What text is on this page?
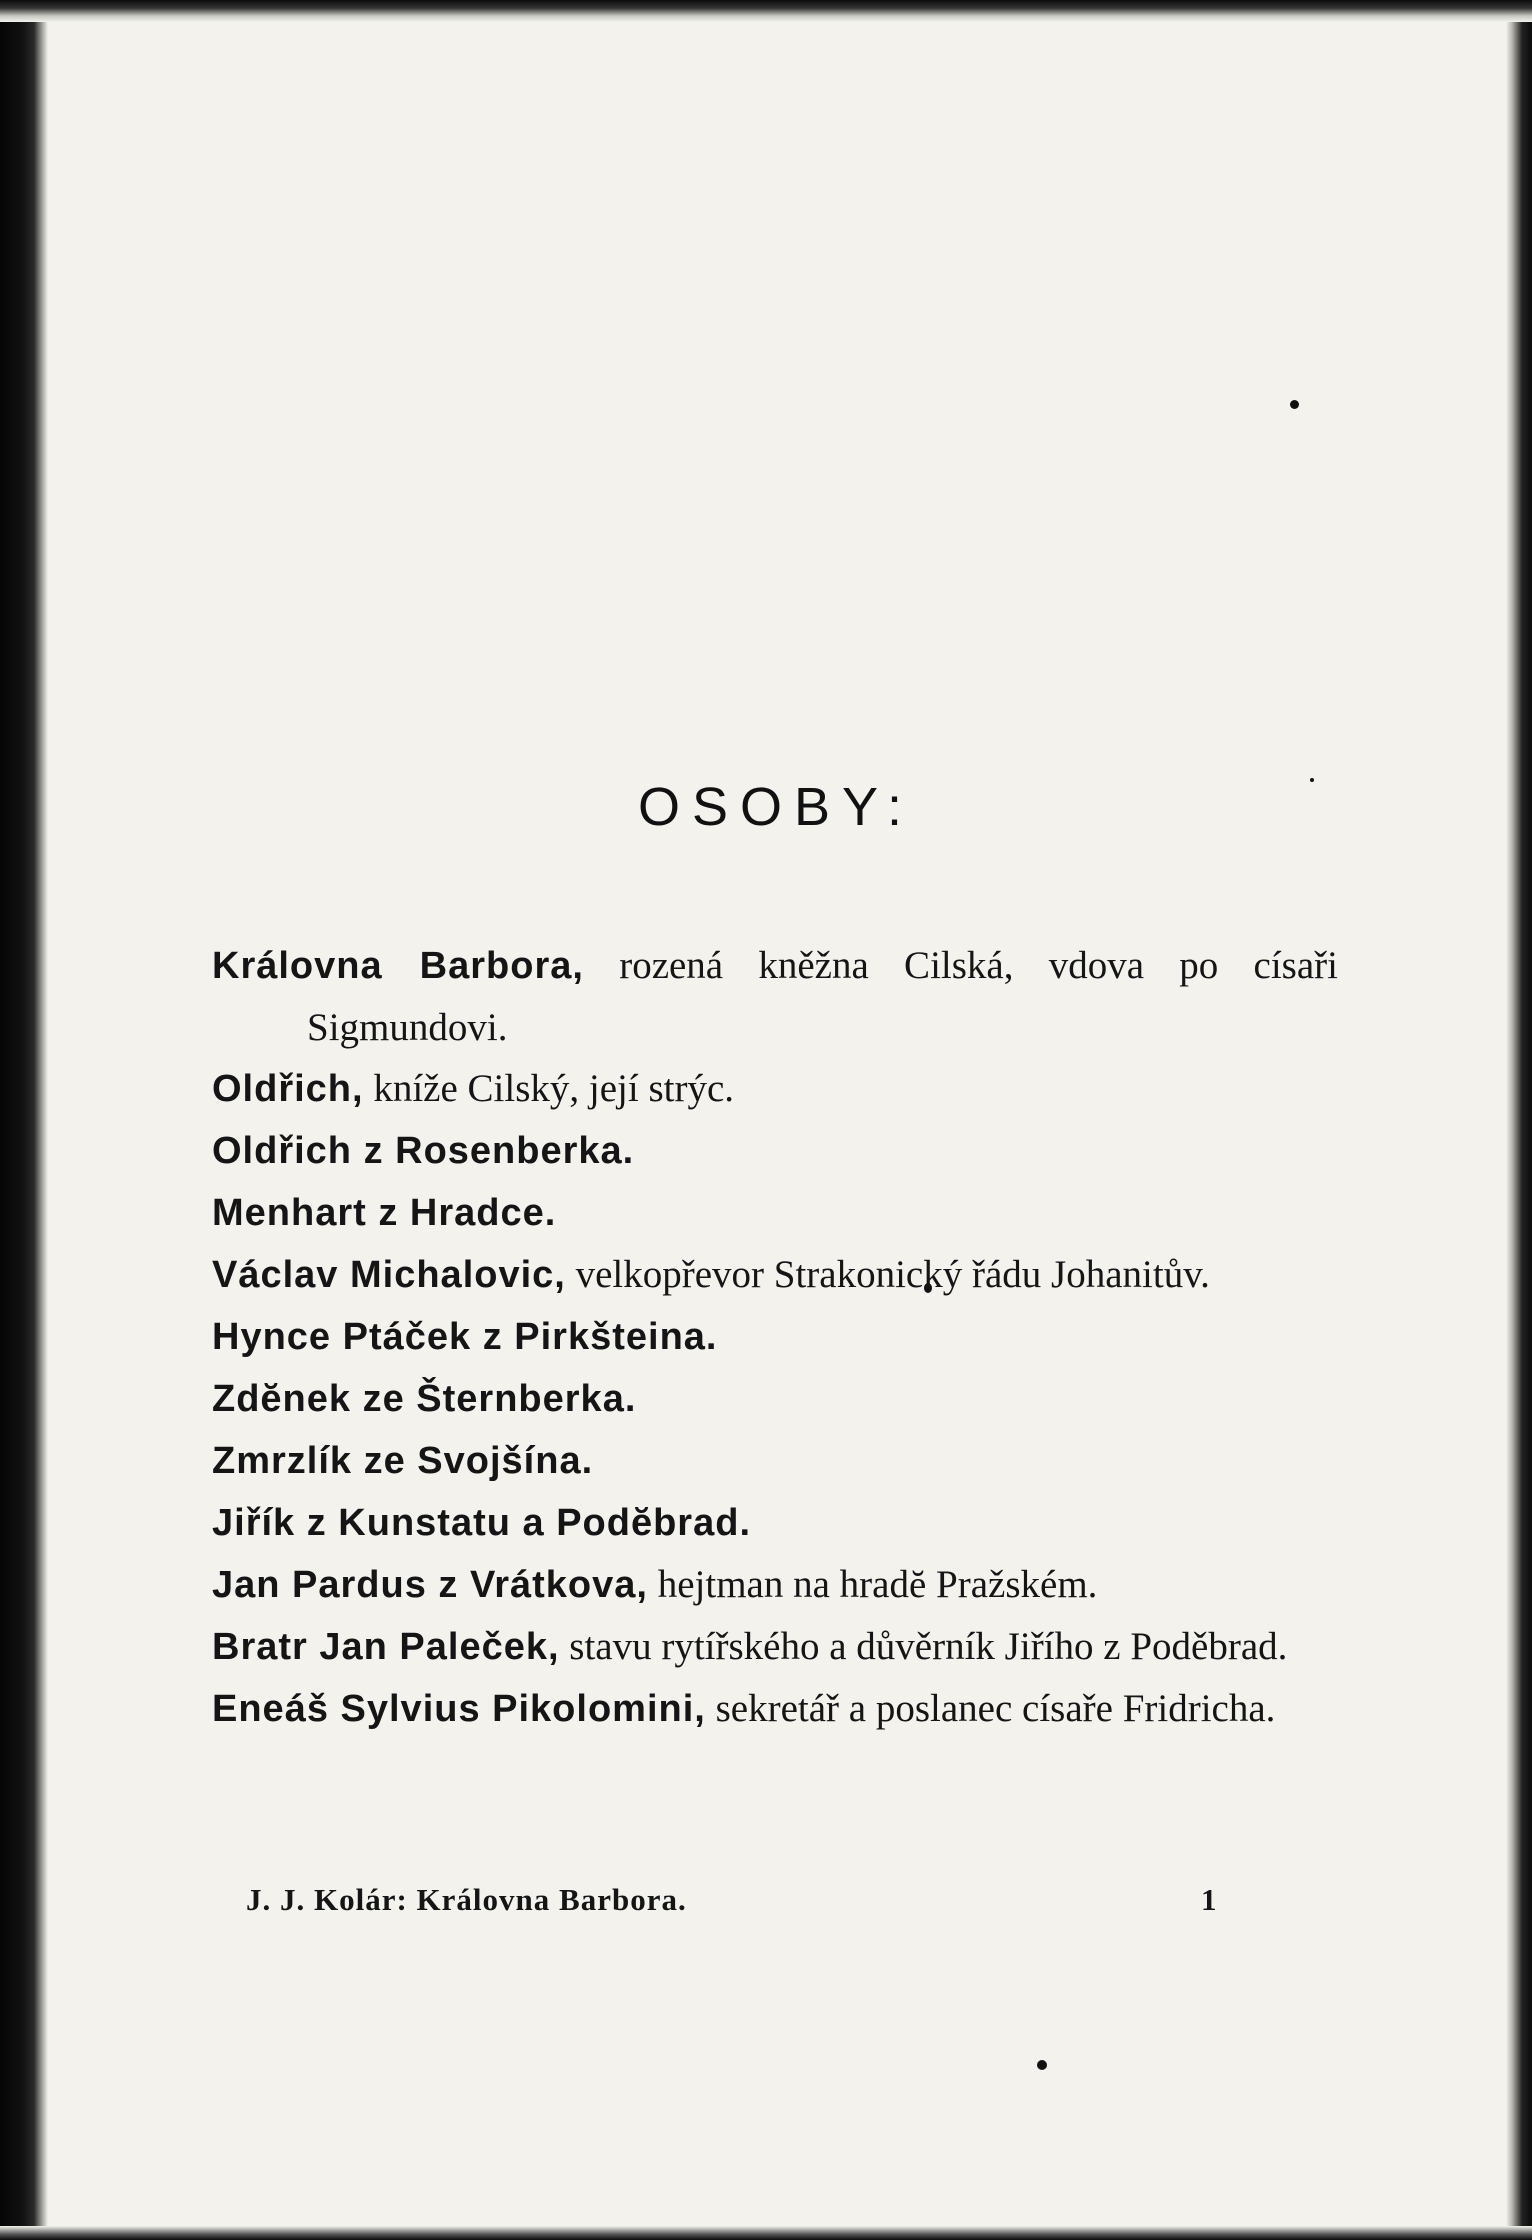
OSOBY:
Královna Barbora, rozená kněžna Cilská, vdova po císaři Sigmundovi.
Oldřich, kníže Cilský, její strýc.
Oldřich z Rosenberka.
Menhart z Hradce.
Václav Michalovic, velkopřevor Strakonický řádu Johanitův.
Hynce Ptáček z Pirkšteina.
Zdĕnek ze Šternberka.
Zmrzlík ze Svojšína.
Jiřík z Kunstatu a Podĕbrad.
Jan Pardus z Vrátkova, hejtman na hradĕ Pražském.
Bratr Jan Paleček, stavu rytířského a důvěrník Jiřího z Poděbrad.
Eneáš Sylvius Pikolomini, sekretář a poslanec císaře Fridricha.
J. J. Kolár: Královna Barbora.	1
